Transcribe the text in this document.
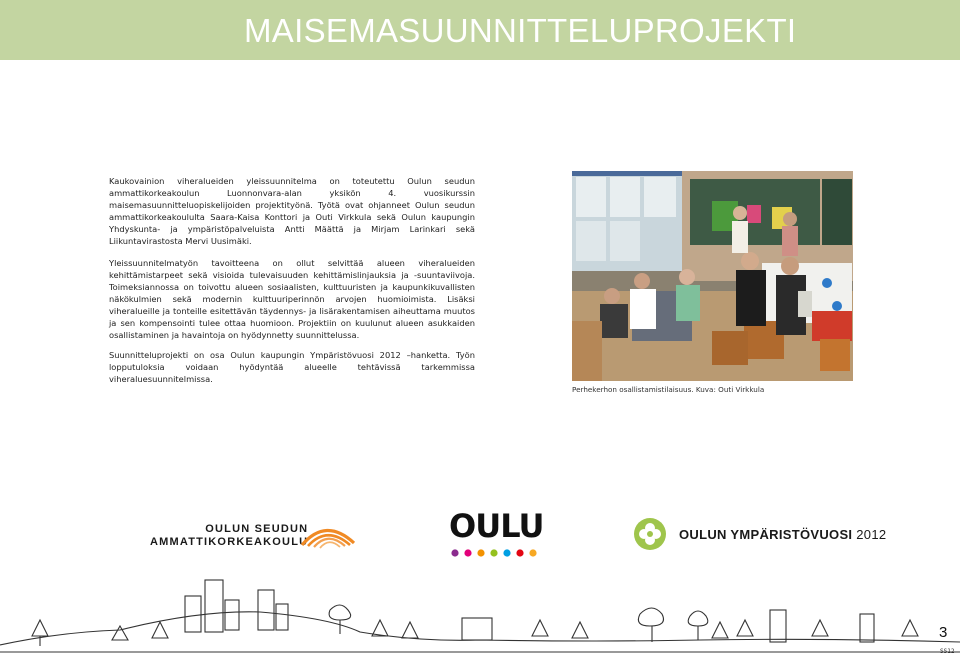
MAISEMASUUNNITTELUPROJEKTI

Kaukovainion viheralueiden yleissuunnitelma on toteutettu Oulun seudun ammattikorkeakoulun Luonnonvara-alan yksikön 4. vuosikurssin maisemasuunnitteluopiskelijoiden projektityönä. Työtä ovat ohjanneet Oulun seudun ammattikorkeakoululta Saara-Kaisa Konttori ja Outi Virkkula sekä Oulun kaupungin Yhdyskunta- ja ympäristöpalveluista Antti Määttä ja Mirjam Larinkari sekä Liikuntavirastosta Mervi Uusimäki.

Yleissuunnitelmatyön tavoitteena on ollut selvittää alueen viheralueiden kehittämistarpeet sekä visioida tulevaisuuden kehittämislinjauksia ja -suuntaviivoja. Toimeksiannossa on toivottu alueen sosiaalisten, kulttuuristen ja kaupunkikuvallisten näkökulmien sekä modernin kulttuuriperinnön arvojen huomioimista. Lisäksi viheralueille ja tonteille esitettävän täydennys- ja lisärakentamisen aiheuttama muutos ja sen kompensointi tulee ottaa huomioon. Projektiin on kuulunut alueen asukkaiden osallistaminen ja havaintoja on hyödynnetty suunnittelussa.

Suunnitteluprojekti on osa Oulun kaupungin Ympäristövuosi 2012 –hanketta. Työn lopputuloksia voidaan hyödyntää alueelle tehtävissä tarkemmissa viheraluesuunnitelmissa.

Perhekerhon osallistamistilaisuus. Kuva: Outi Virkkula
OULUN SEUDUN
AMMATTIKORKEAKOULU	OULU	OULUN YMPÄRISTÖVUOSI 2012
3
SS12
